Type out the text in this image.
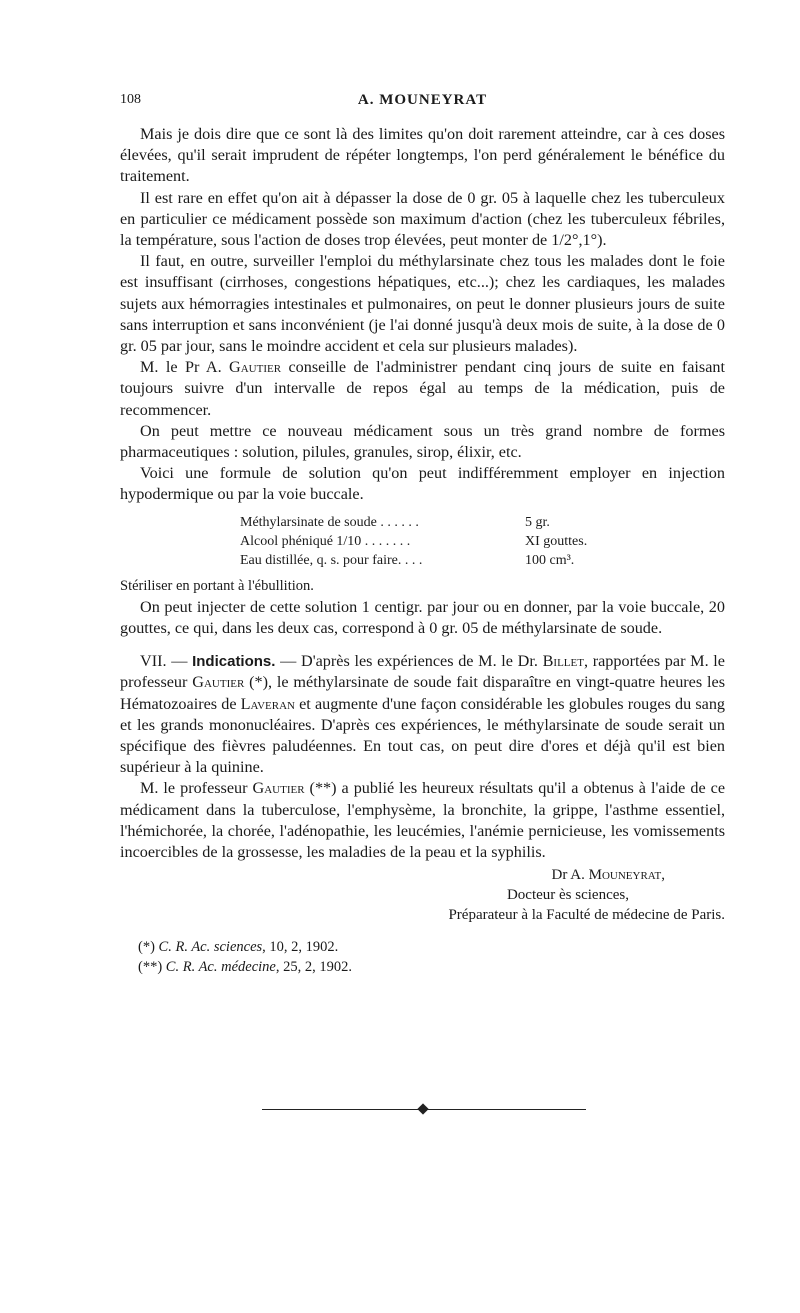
108	A. MOUNEYRAT

Mais je dois dire que ce sont là des limites qu'on doit rarement atteindre, car à ces doses élevées, qu'il serait imprudent de répéter longtemps, l'on perd généralement le bénéfice du traitement.

Il est rare en effet qu'on ait à dépasser la dose de 0 gr. 05 à laquelle chez les tuberculeux en particulier ce médicament possède son maximum d'action (chez les tuberculeux fébriles, la température, sous l'action de doses trop élevées, peut monter de 1/2°,1°).

Il faut, en outre, surveiller l'emploi du méthylarsinate chez tous les malades dont le foie est insuffisant (cirrhoses, congestions hépatiques, etc...); chez les cardiaques, les malades sujets aux hémorragies intestinales et pulmonaires, on peut le donner plusieurs jours de suite sans interruption et sans inconvénient (je l'ai donné jusqu'à deux mois de suite, à la dose de 0 gr. 05 par jour, sans le moindre accident et cela sur plusieurs malades).

M. le Pr A. Gautier conseille de l'administrer pendant cinq jours de suite en faisant toujours suivre d'un intervalle de repos égal au temps de la médication, puis de recommencer.

On peut mettre ce nouveau médicament sous un très grand nombre de formes pharmaceutiques : solution, pilules, granules, sirop, élixir, etc.

Voici une formule de solution qu'on peut indifféremment employer en injection hypodermique ou par la voie buccale.

Méthylarsinate de soude . . . . . .	5 gr.
Alcool phéniqué 1/10 . . . . . . .	XI gouttes.
Eau distillée, q. s. pour faire. . . .	100 cm³.

Stériliser en portant à l'ébullition.

On peut injecter de cette solution 1 centigr. par jour ou en donner, par la voie buccale, 20 gouttes, ce qui, dans les deux cas, correspond à 0 gr. 05 de méthylarsinate de soude.

VII. — Indications. — D'après les expériences de M. le Dr. Billet, rapportées par M. le professeur Gautier (*), le méthylarsinate de soude fait disparaître en vingt-quatre heures les Hématozoaires de Laveran et augmente d'une façon considérable les globules rouges du sang et les grands mononucléaires. D'après ces expériences, le méthylarsinate de soude serait un spécifique des fièvres paludéennes. En tout cas, on peut dire d'ores et déjà qu'il est bien supérieur à la quinine.

M. le professeur Gautier (**) a publié les heureux résultats qu'il a obtenus à l'aide de ce médicament dans la tuberculose, l'emphysème, la bronchite, la grippe, l'asthme essentiel, l'hémichorée, la chorée, l'adénopathie, les leucémies, l'anémie pernicieuse, les vomissements incoercibles de la grossesse, les maladies de la peau et la syphilis.

Dr A. Mouneyrat,
Docteur ès sciences,
Préparateur à la Faculté de médecine de Paris.
(*) C. R. Ac. sciences, 10, 2, 1902.
(**) C. R. Ac. médecine, 25, 2, 1902.
